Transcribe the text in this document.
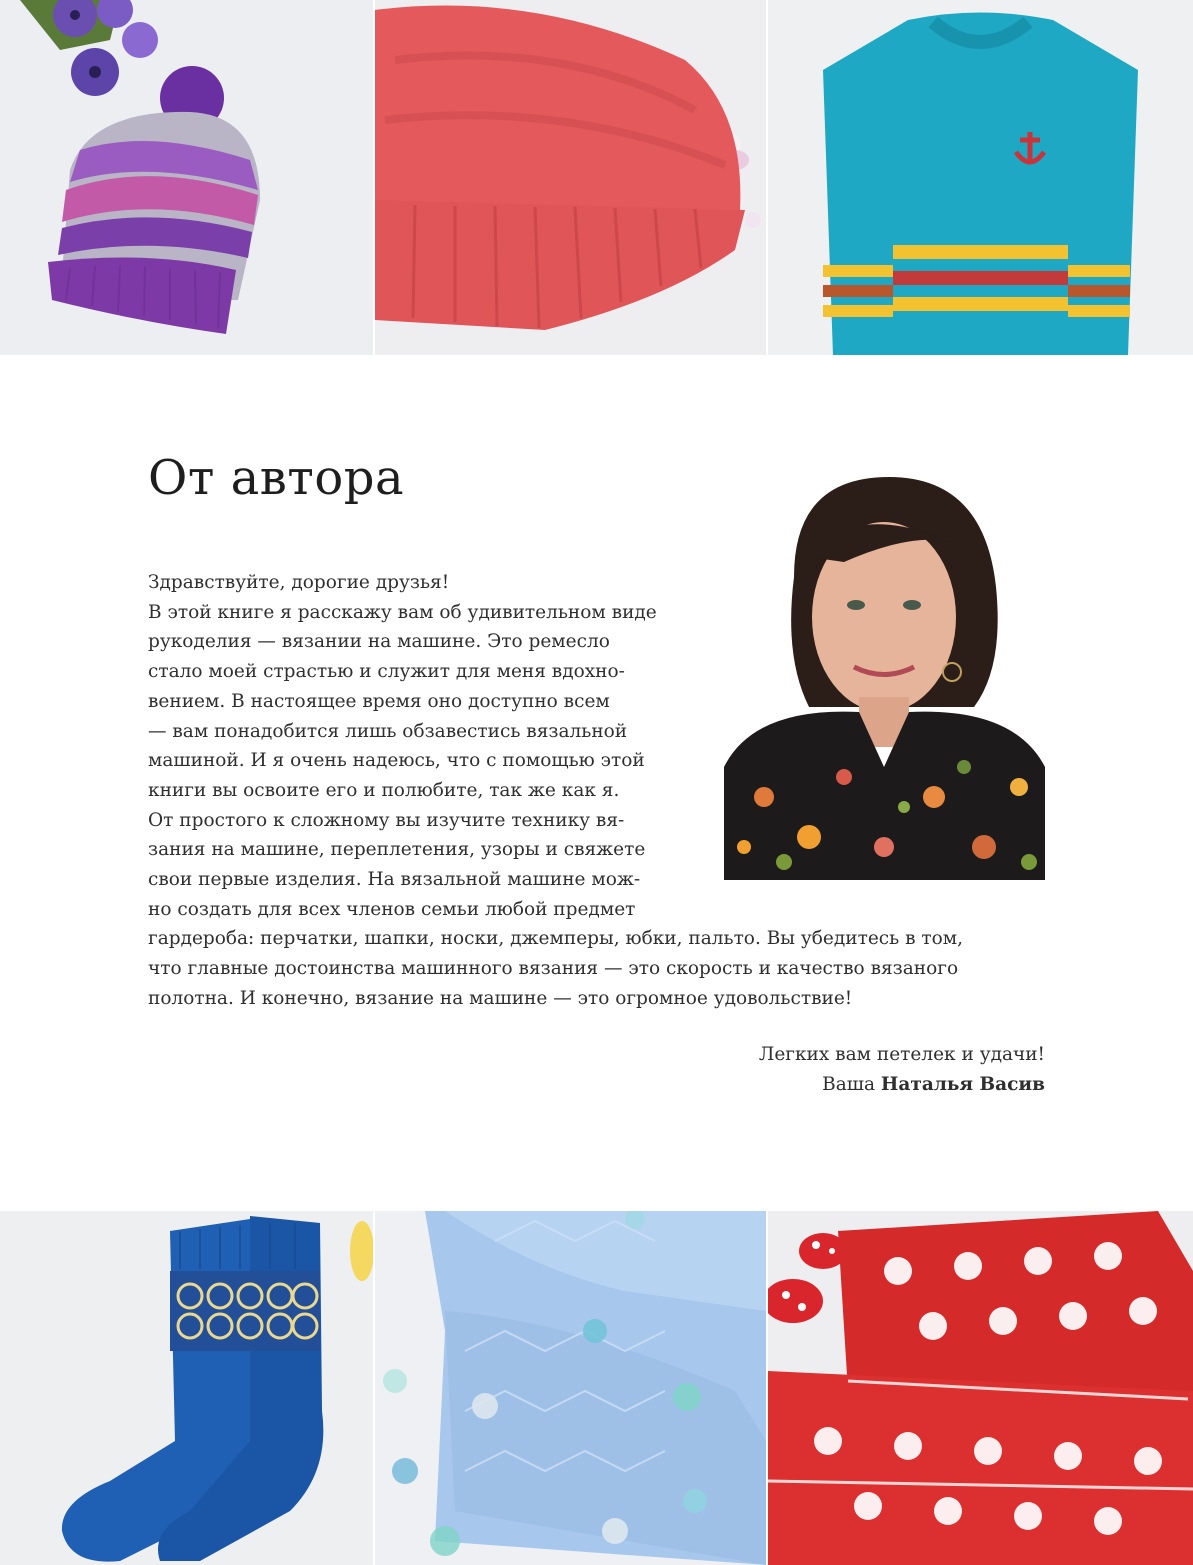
От автора
Здравствуйте, дорогие друзья!
В этой книге я расскажу вам об удивительном виде
рукоделия — вязании на машине. Это ремесло
стало моей страстью и служит для меня вдохно-
вением. В настоящее время оно доступно всем
— вам понадобится лишь обзавестись вязальной
машиной. И я очень надеюсь, что с помощью этой
книги вы освоите его и полюбите, так же как я.
От простого к сложному вы изучите технику вя-
зания на машине, переплетения, узоры и свяжете
свои первые изделия. На вязальной машине мож-
но создать для всех членов семьи любой предмет
гардероба: перчатки, шапки, носки, джемперы, юбки, пальто. Вы убедитесь в том,
что главные достоинства машинного вязания — это скорость и качество вязаного
полотна. И конечно, вязание на машине — это огромное удовольствие!
Легких вам петелек и удачи!
Ваша Наталья Васив
